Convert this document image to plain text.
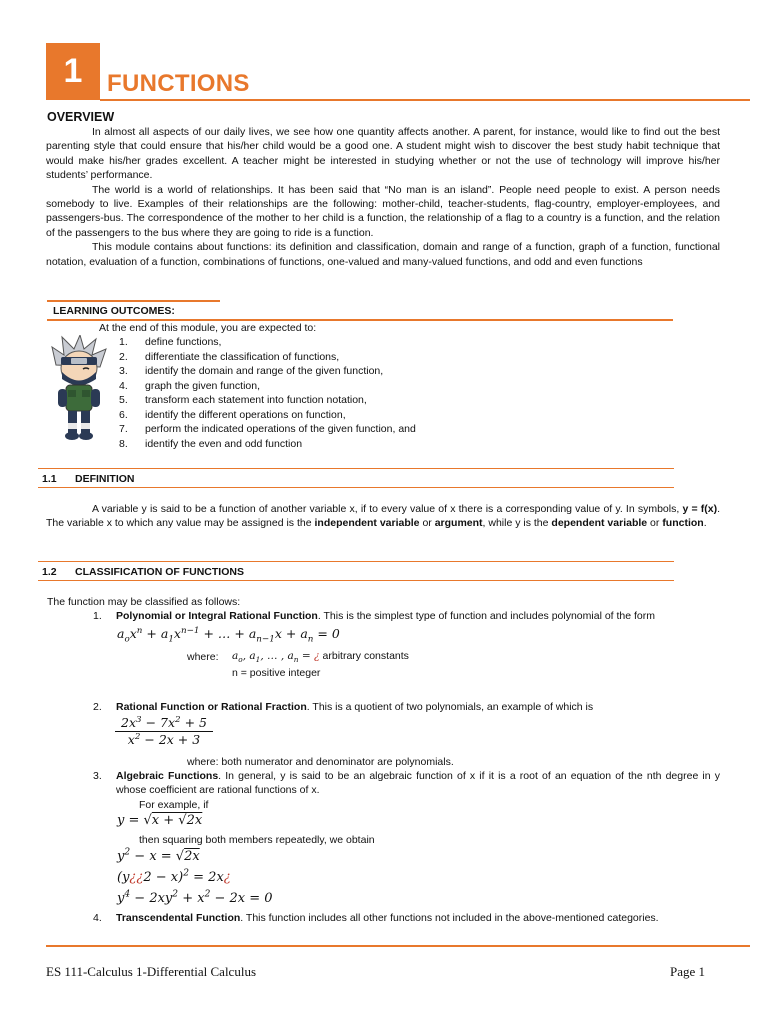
1 FUNCTIONS
OVERVIEW

In almost all aspects of our daily lives, we see how one quantity affects another. A parent, for instance, would like to find out the best parenting style that could ensure that his/her child would be a good one. A student might wish to discover the best study habit technique that would make his/her grades excellent. A teacher might be interested in studying whether or not the use of technology will improve his/her students’ performance.

The world is a world of relationships. It has been said that “No man is an island”. People need people to exist. A person needs somebody to live. Examples of their relationships are the following: mother-child, teacher-students, flag-country, employer-employees, and passengers-bus. The correspondence of the mother to her child is a function, the relationship of a flag to a country is a function, and the relation of the passengers to the bus where they are going to ride is a function.

This module contains about functions: its definition and classification, domain and range of a function, graph of a function, functional notation, evaluation of a function, combinations of functions, one-valued and many-valued functions, and odd and even functions

LEARNING OUTCOMES:
At the end of this module, you are expected to:
1.	define functions,
2.	differentiate the classification of functions,
3.	identify the domain and range of the given function,
4.	graph the given function,
5.	transform each statement into function notation,
6.	identify the different operations on function,
7.	perform the indicated operations of the given function, and
8.	identify the even and odd function
1.1 DEFINITION

A variable y is said to be a function of another variable x, if to every value of x there is a corresponding value of y. In symbols, y = f(x). The variable x to which any value may be assigned is the independent variable or argument, while y is the dependent variable or function.

1.2 CLASSIFICATION OF FUNCTIONS
The function may be classified as follows:
1. Polynomial or Integral Rational Function. This is the simplest type of function and includes polynomial of the form
$a_ox^n + a_1x^{n-1}$ + … + $a_{n-1}x + a_n = 0$
where: $a_o$, $a_1$, … , $a_n$ = ¿ arbitrary constants
n = positive integer
2. Rational Function or Rational Fraction. This is a quotient of two polynomials, an example of which is
$\frac{2x^3 - 7x^2 + 5}{x^2 - 2x + 3}$
where: both numerator and denominator are polynomials.
3. Algebraic Functions. In general, y is said to be an algebraic function of x if it is a root of an equation of the nth degree in y whose coefficient are rational functions of x.
For example, if
y = √x + √2x
then squaring both members repeatedly, we obtain
$y^2 - x = √2x$
(y¿¿2 − x)$^2$ = 2x¿
$y^4 - 2xy^2 + x^2 - 2x = 0$
4. Transcendental Function. This function includes all other functions not included in the above-mentioned categories.
ES 111-Calculus 1-Differential Calculus	Page 1
